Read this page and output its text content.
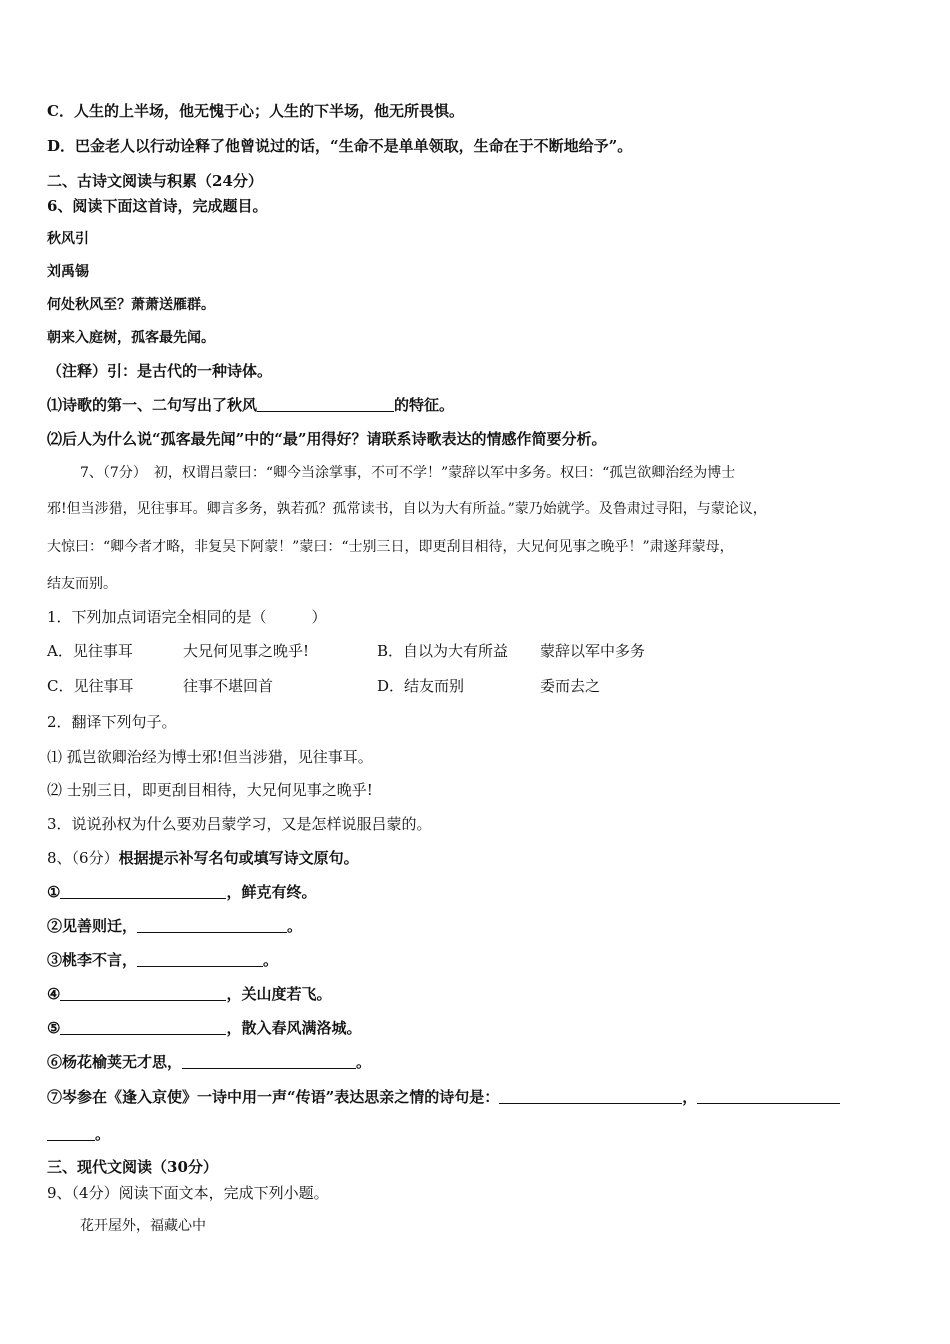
C．人生的上半场，他无愧于心；人生的下半场，他无所畏惧。
D．巴金老人以行动诠释了他曾说过的话，“生命不是单单领取，生命在于不断地给予”。
二、古诗文阅读与积累（24分）
6、阅读下面这首诗，完成题目。
秋风引
刘禹锡
何处秋风至？萧萧送雁群。
朝来入庭树，孤客最先闻。
（注释）引：是古代的一种诗体。
⑴诗歌的第一、二句写出了秋风	的特征。
⑵后人为什么说“孤客最先闻”中的“最”用得好？请联系诗歌表达的情感作简要分析。
7、（7分）　初，权谓吕蒙曰：“卿今当涂掌事，不可不学！”蒙辞以军中多务。权曰：“孤岂欲卿治经为博士
邪!但当涉猎，见往事耳。卿言多务，孰若孤？孤常读书，自以为大有所益。”蒙乃始就学。及鲁肃过寻阳，与蒙论议，
大惊曰：“卿今者才略，非复吴下阿蒙！”蒙曰：“士别三日，即更刮目相待，大兄何见事之晚乎！”肃遂拜蒙母，
结友而别。
1．下列加点词语完全相同的是（　　　）
A．见往事耳	大兄何见事之晚乎!	B．自以为大有所益 蒙辞以军中多务
C．见往事耳	往事不堪回首	D．结友而别	委而去之
2．翻译下列句子。
⑴ 孤岂欲卿治经为博士邪!但当涉猎，见往事耳。
⑵ 士别三日，即更刮目相待，大兄何见事之晚乎!
3．说说孙权为什么要劝吕蒙学习，又是怎样说服吕蒙的。
8、（6分）根据提示补写名句或填写诗文原句。
①	，鲜克有终。
②见善则迁，	。
③桃李不言，	。
④	，关山度若飞。
⑤	，散入春风满洛城。
⑥杨花榆荚无才思，	。
⑦岑参在《逢入京使》一诗中用一声“传语”表达思亲之情的诗句是：	，
。
三、现代文阅读（30分）
9、（4分）阅读下面文本，完成下列小题。
花开屋外，福藏心中
